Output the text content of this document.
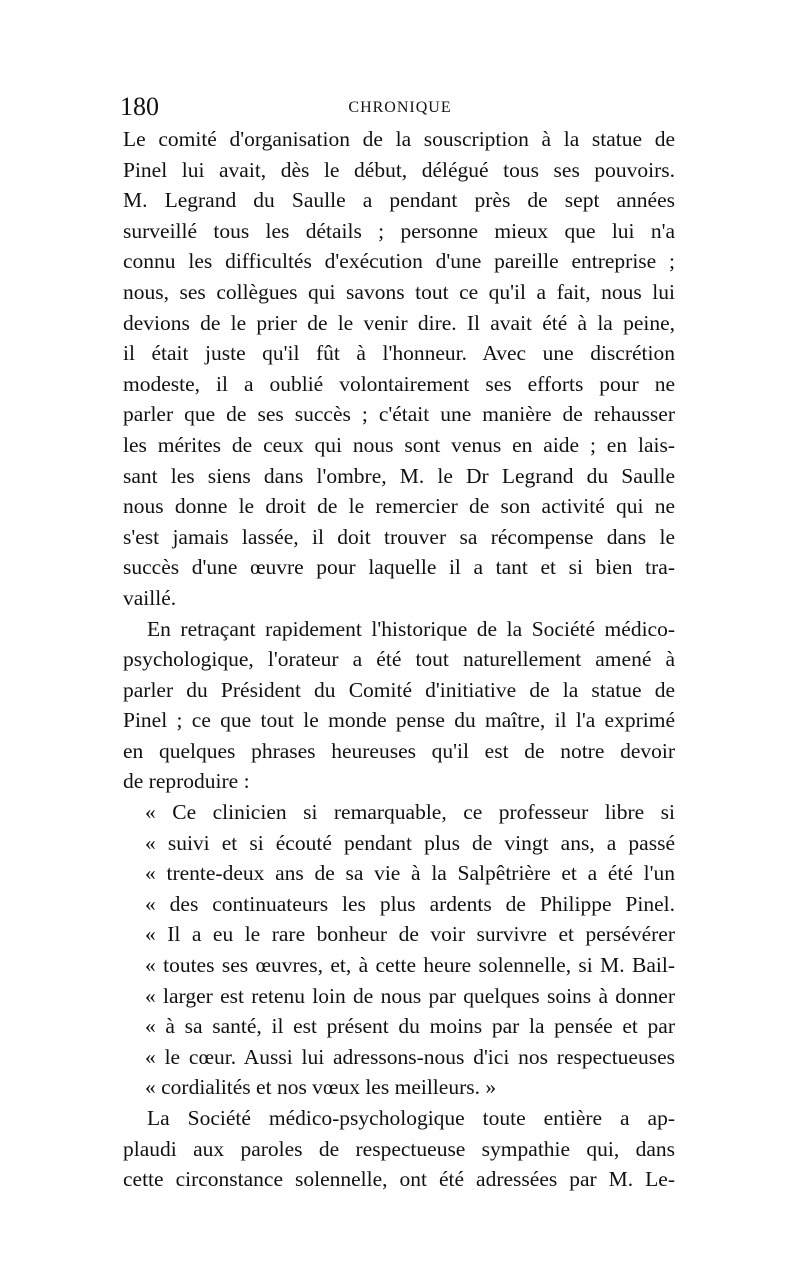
180	CHRONIQUE
Le comité d'organisation de la souscription à la statue de
Pinel lui avait, dès le début, délégué tous ses pouvoirs.
M. Legrand du Saulle a pendant près de sept années
surveillé tous les détails ; personne mieux que lui n'a
connu les difficultés d'exécution d'une pareille entreprise ;
nous, ses collègues qui savons tout ce qu'il a fait, nous lui
devions de le prier de le venir dire. Il avait été à la peine,
il était juste qu'il fût à l'honneur. Avec une discrétion
modeste, il a oublié volontairement ses efforts pour ne
parler que de ses succès ; c'était une manière de rehausser
les mérites de ceux qui nous sont venus en aide ; en lais-
sant les siens dans l'ombre, M. le Dr Legrand du Saulle
nous donne le droit de le remercier de son activité qui ne
s'est jamais lassée, il doit trouver sa récompense dans le
succès d'une œuvre pour laquelle il a tant et si bien tra-
vaillé.
En retraçant rapidement l'historique de la Société médico-
psychologique, l'orateur a été tout naturellement amené à
parler du Président du Comité d'initiative de la statue de
Pinel ; ce que tout le monde pense du maître, il l'a exprimé
en quelques phrases heureuses qu'il est de notre devoir
de reproduire :
« Ce clinicien si remarquable, ce professeur libre si
« suivi et si écouté pendant plus de vingt ans, a passé
« trente-deux ans de sa vie à la Salpêtrière et a été l'un
« des continuateurs les plus ardents de Philippe Pinel.
« Il a eu le rare bonheur de voir survivre et persévérer
« toutes ses œuvres, et, à cette heure solennelle, si M. Bail-
« larger est retenu loin de nous par quelques soins à donner
« à sa santé, il est présent du moins par la pensée et par
« le cœur. Aussi lui adressons-nous d'ici nos respectueuses
« cordialités et nos vœux les meilleurs. »
La Société médico-psychologique toute entière a ap-
plaudi aux paroles de respectueuse sympathie qui, dans
cette circonstance solennelle, ont été adressées par M. Le-
